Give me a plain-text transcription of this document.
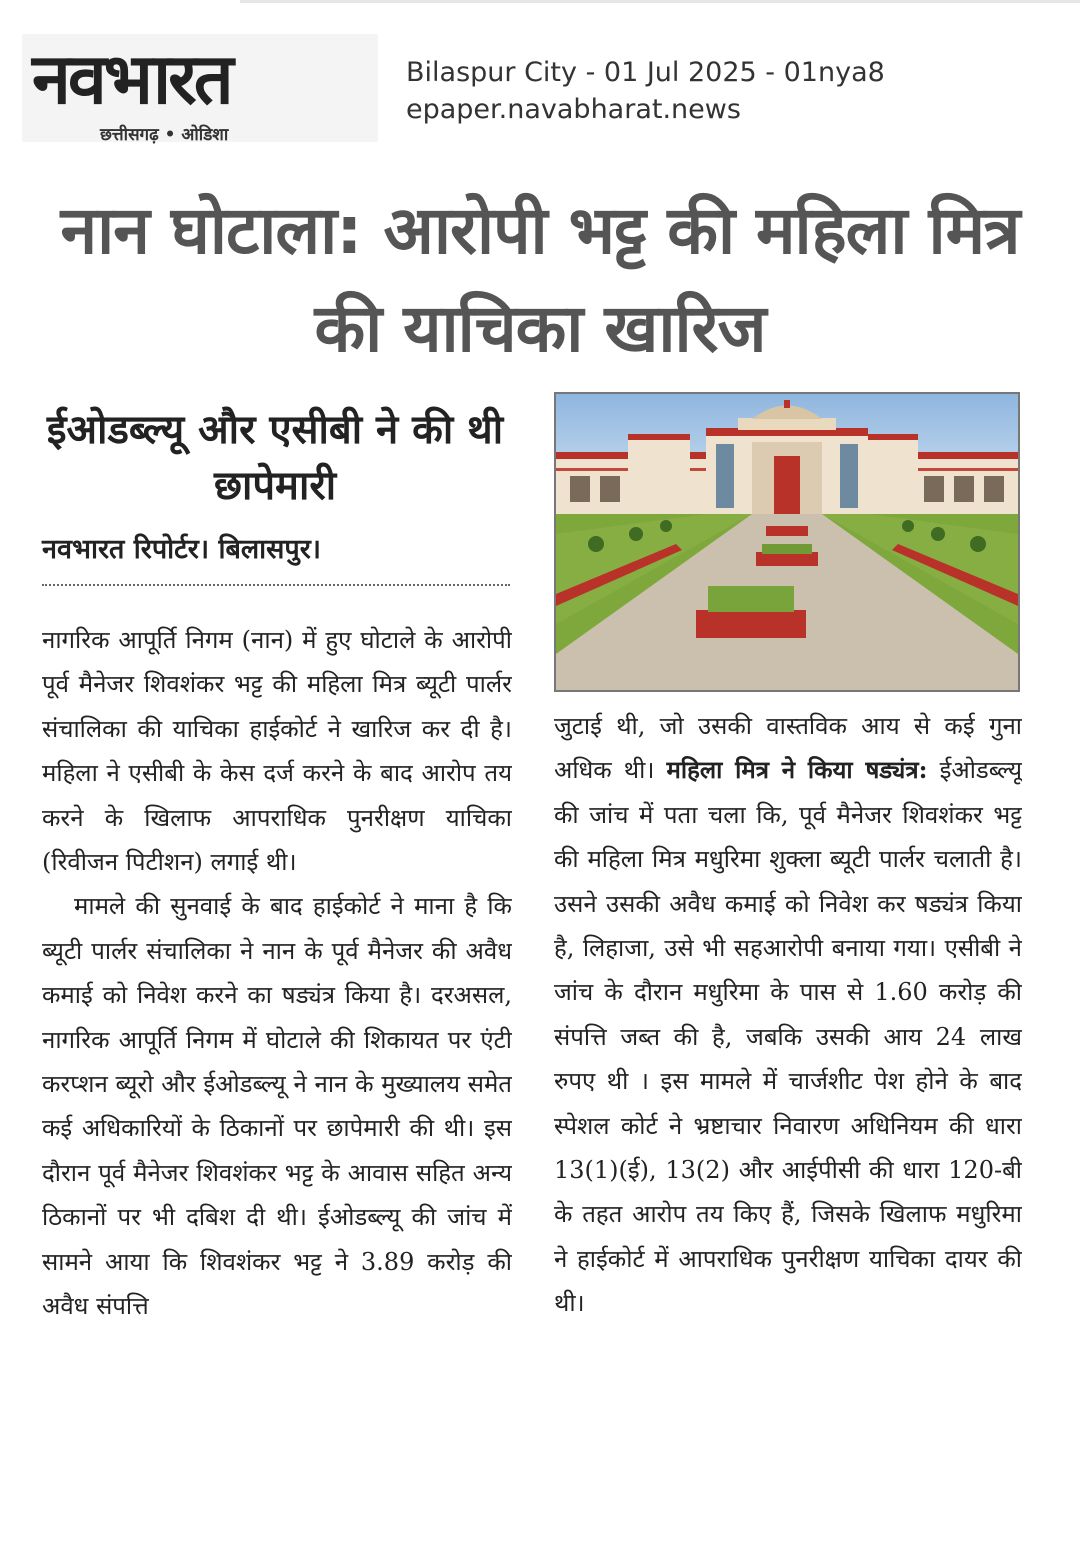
नवभारत
छत्तीसगढ़ • ओडिशा
Bilaspur City - 01 Jul 2025 - 01nya8
epaper.navabharat.news
नान घोटाला: आरोपी भट्ट की महिला मित्र की याचिका खारिज
ईओडब्ल्यू और एसीबी ने की थी छापेमारी
नवभारत रिपोर्टर। बिलासपुर।

नागरिक आपूर्ति निगम (नान) में हुए घोटाले के आरोपी पूर्व मैनेजर शिवशंकर भट्ट की महिला मित्र ब्यूटी पार्लर संचालिका की याचिका हाईकोर्ट ने खारिज कर दी है। महिला ने एसीबी के केस दर्ज करने के बाद आरोप तय करने के खिलाफ आपराधिक पुनरीक्षण याचिका (रिवीजन पिटीशन) लगाई थी।

मामले की सुनवाई के बाद हाईकोर्ट ने माना है कि ब्यूटी पार्लर संचालिका ने नान के पूर्व मैनेजर की अवैध कमाई को निवेश करने का षड्यंत्र किया है। दरअसल, नागरिक आपूर्ति निगम में घोटाले की शिकायत पर एंटी करप्शन ब्यूरो और ईओडब्ल्यू ने नान के मुख्यालय समेत कई अधिकारियों के ठिकानों पर छापेमारी की थी। इस दौरान पूर्व मैनेजर शिवशंकर भट्ट के आवास सहित अन्य ठिकानों पर भी दबिश दी थी। ईओडब्ल्यू की जांच में सामने आया कि शिवशंकर भट्ट ने 3.89 करोड़ की अवैध संपत्ति

जुटाई थी, जो उसकी वास्तविक आय से कई गुना अधिक थी। महिला मित्र ने किया षड्यंत्र: ईओडब्ल्यू की जांच में पता चला कि, पूर्व मैनेजर शिवशंकर भट्ट की महिला मित्र मधुरिमा शुक्ला ब्यूटी पार्लर चलाती है। उसने उसकी अवैध कमाई को निवेश कर षड्यंत्र किया है, लिहाजा, उसे भी सहआरोपी बनाया गया। एसीबी ने जांच के दौरान मधुरिमा के पास से 1.60 करोड़ की संपत्ति जब्त की है, जबकि उसकी आय 24 लाख रुपए थी । इस मामले में चार्जशीट पेश होने के बाद स्पेशल कोर्ट ने भ्रष्टाचार निवारण अधिनियम की धारा 13(1)(ई), 13(2) और आईपीसी की धारा 120-बी के तहत आरोप तय किए हैं, जिसके खिलाफ मधुरिमा ने हाईकोर्ट में आपराधिक पुनरीक्षण याचिका दायर की थी।
